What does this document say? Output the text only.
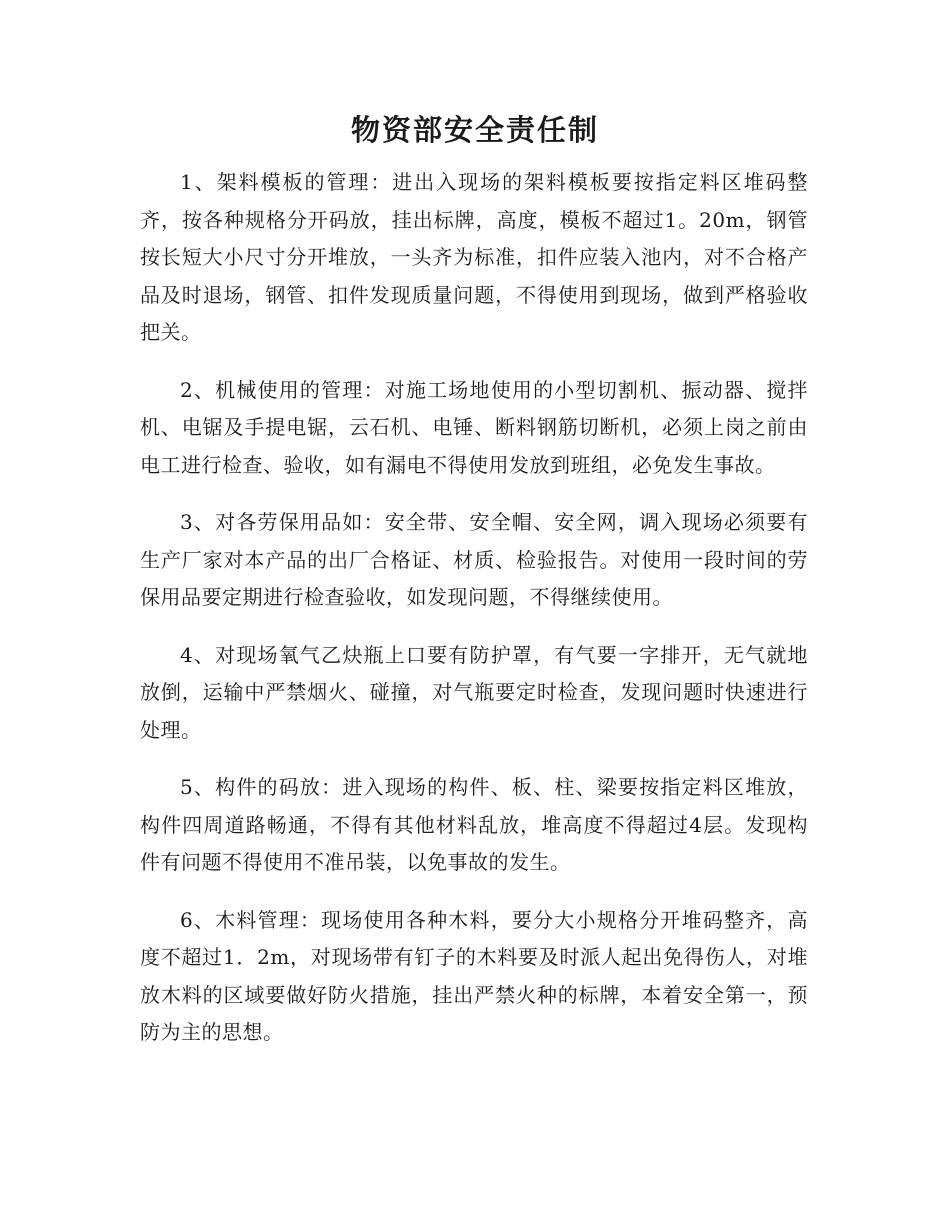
物资部安全责任制

1、架料模板的管理：进出入现场的架料模板要按指定料区堆码整齐，按各种规格分开码放，挂出标牌，高度，模板不超过1。20m，钢管按长短大小尺寸分开堆放，一头齐为标准，扣件应装入池内，对不合格产品及时退场，钢管、扣件发现质量问题，不得使用到现场，做到严格验收把关。

2、机械使用的管理：对施工场地使用的小型切割机、振动器、搅拌机、电锯及手提电锯，云石机、电锤、断料钢筋切断机，必须上岗之前由电工进行检查、验收，如有漏电不得使用发放到班组，必免发生事故。

3、对各劳保用品如：安全带、安全帽、安全网，调入现场必须要有生产厂家对本产品的出厂合格证、材质、检验报告。对使用一段时间的劳保用品要定期进行检查验收，如发现问题，不得继续使用。

4、对现场氧气乙炔瓶上口要有防护罩，有气要一字排开，无气就地放倒，运输中严禁烟火、碰撞，对气瓶要定时检查，发现问题时快速进行处理。

5、构件的码放：进入现场的构件、板、柱、梁要按指定料区堆放，构件四周道路畅通，不得有其他材料乱放，堆高度不得超过4层。发现构件有问题不得使用不准吊装，以免事故的发生。

6、木料管理：现场使用各种木料，要分大小规格分开堆码整齐，高度不超过1．2m，对现场带有钉子的木料要及时派人起出免得伤人，对堆放木料的区域要做好防火措施，挂出严禁火种的标牌，本着安全第一，预防为主的思想。
